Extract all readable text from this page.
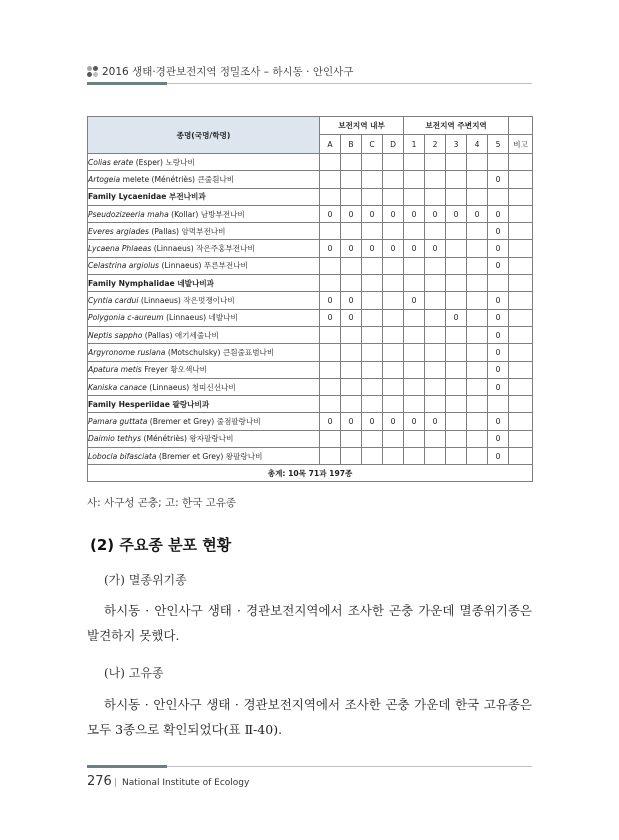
2016 생태·경관보전지역 정밀조사 – 하시동 · 안인사구
종명(국명/학명)	보전지역 내부				보전지역 주변지역					
	A	B	C	D	1	2	3	4	5	비고
Colias erate (Esper) 노랑나비										
Artogeia melete (Ménétriès) 큰줄흰나비									0	
Family Lycaenidae 부전나비과										
Pseudozizeeria maha (Kollar) 남방부전나비	0	0	0	0	0	0	0	0	0	
Everes argiades (Pallas) 암먹부전나비									0	
Lycaena Phlaeas (Linnaeus) 작은주홍부전나비	0	0	0	0	0	0			0	
Celastrina argiolus (Linnaeus) 푸른부전나비									0	
Family Nymphalidae 네발나비과										
Cyntia cardui (Linnaeus) 작은멋쟁이나비	0	0			0				0	
Polygonia c-aureum (Linnaeus) 네발나비	0	0					0		0	
Neptis sappho (Pallas) 애기세줄나비									0	
Argyronome ruslana (Motschulsky) 큰흰줄표범나비									0	
Apatura metis Freyer 황오색나비									0	
Kaniska canace (Linnaeus) 청띠신선나비									0	
Family Hesperiidae 팔랑나비과										
Pamara guttata (Bremer et Grey) 줄점팔랑나비	0	0	0	0	0	0			0	
Daimio tethys (Ménétriès) 왕자팔랑나비									0	
Lobocla bifasciata (Bremer et Grey) 왕팔랑나비									0	
총계: 10목 71과 197종										
사: 사구성 곤충; 고: 한국 고유종
(2) 주요종 분포 현황
(가) 멸종위기종
하시동 · 안인사구 생태 · 경관보전지역에서 조사한 곤충 가운데 멸종위기종은 발견하지 못했다.
(나) 고유종
하시동 · 안인사구 생태 · 경관보전지역에서 조사한 곤충 가운데 한국 고유종은 모두 3종으로 확인되었다(표 Ⅱ-40).
276 | National Institute of Ecology
